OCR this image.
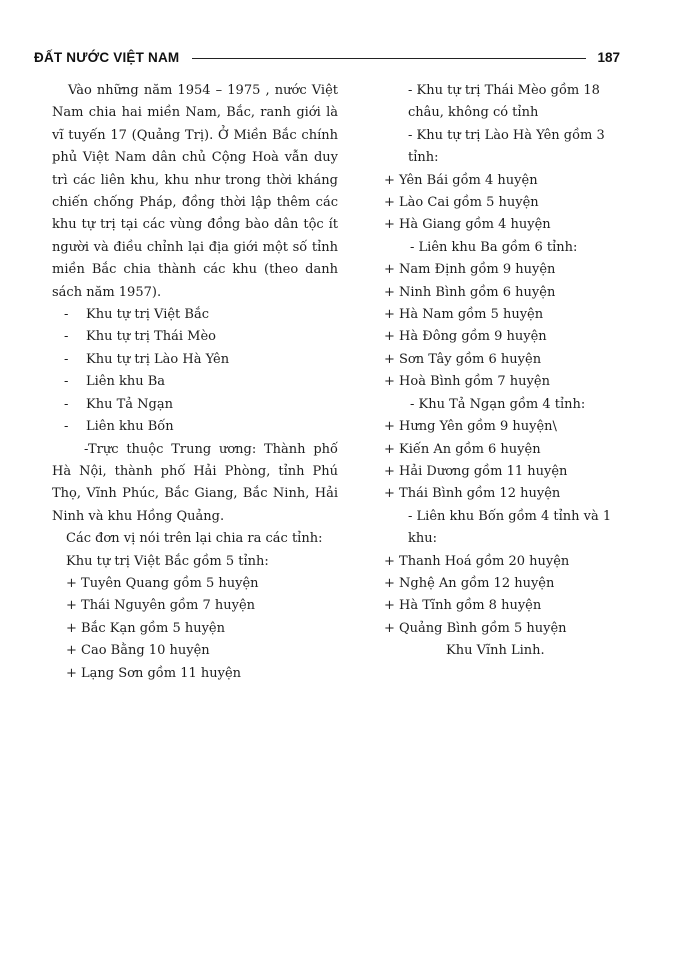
ĐẤT NƯỚC VIỆT NAM	187

Vào những năm 1954 – 1975 , nước Việt Nam chia hai miền Nam, Bắc, ranh giới là vĩ tuyến 17 (Quảng Trị). Ở Miền Bắc chính phủ Việt Nam dân chủ Cộng Hoà vẫn duy trì các liên khu, khu như trong thời kháng chiến chống Pháp, đồng thời lập thêm các khu tự trị tại các vùng đồng bào dân tộc ít người và điều chỉnh lại địa giới một số tỉnh miền Bắc chia thành các khu (theo danh sách năm 1957).

- Khu tự trị Việt Bắc

- Khu tự trị Thái Mèo

- Khu tự trị Lào Hà Yên

- Liên khu Ba

- Khu Tả Ngạn

- Liên khu Bốn

-Trực thuộc Trung ương: Thành phố Hà Nội, thành phố Hải Phòng, tỉnh Phú Thọ, Vĩnh Phúc, Bắc Giang, Bắc Ninh, Hải Ninh và khu Hồng Quảng.

Các đơn vị nói trên lại chia ra các tỉnh:

Khu tự trị Việt Bắc gồm 5 tỉnh:

+ Tuyên Quang gồm 5 huyện

+ Thái Nguyên gồm 7 huyện

+ Bắc Kạn gồm 5 huyện

+ Cao Bằng 10 huyện

+ Lạng Sơn gồm 11 huyện

- Khu tự trị Thái Mèo gồm 18 châu, không có tỉnh

- Khu tự trị Lào Hà Yên gồm 3 tỉnh:

+ Yên Bái gồm 4 huyện

+ Lào Cai gồm 5 huyện

+ Hà Giang gồm 4 huyện

- Liên khu Ba gồm 6 tỉnh:

+ Nam Định gồm 9 huyện

+ Ninh Bình gồm 6 huyện

+ Hà Nam gồm 5 huyện

+ Hà Đông gồm 9 huyện

+ Sơn Tây gồm 6 huyện

+ Hoà Bình gồm 7 huyện

- Khu Tả Ngạn gồm 4 tỉnh:

+ Hưng Yên gồm 9 huyện\

+ Kiến An gồm 6 huyện

+ Hải Dương gồm 11 huyện

+ Thái Bình gồm 12 huyện

- Liên khu Bốn gồm 4 tỉnh và 1 khu:

+ Thanh Hoá gồm 20 huyện

+ Nghệ An gồm 12 huyện

+ Hà Tĩnh gồm 8 huyện

+ Quảng Bình gồm 5 huyện

Khu Vĩnh Linh.
